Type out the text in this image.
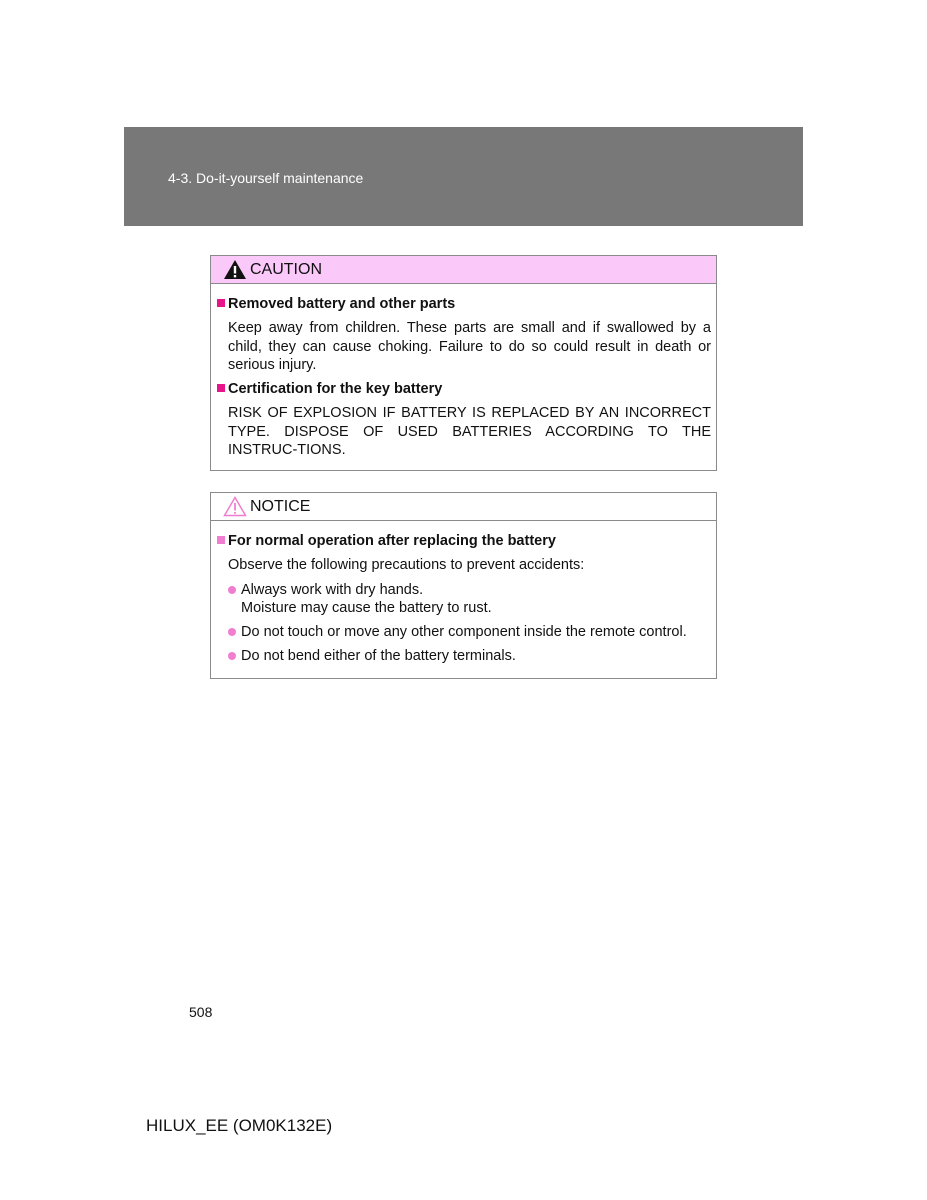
4-3. Do-it-yourself maintenance
CAUTION

Removed battery and other parts

Keep away from children. These parts are small and if swallowed by a child, they can cause choking. Failure to do so could result in death or serious injury.

Certification for the key battery

RISK OF EXPLOSION IF BATTERY IS REPLACED BY AN INCORRECT TYPE. DISPOSE OF USED BATTERIES ACCORDING TO THE INSTRUC-TIONS.

NOTICE

For normal operation after replacing the battery

Observe the following precautions to prevent accidents:

Always work with dry hands.
Moisture may cause the battery to rust.
Do not touch or move any other component inside the remote control.
Do not bend either of the battery terminals.
508
HILUX_EE (OM0K132E)
